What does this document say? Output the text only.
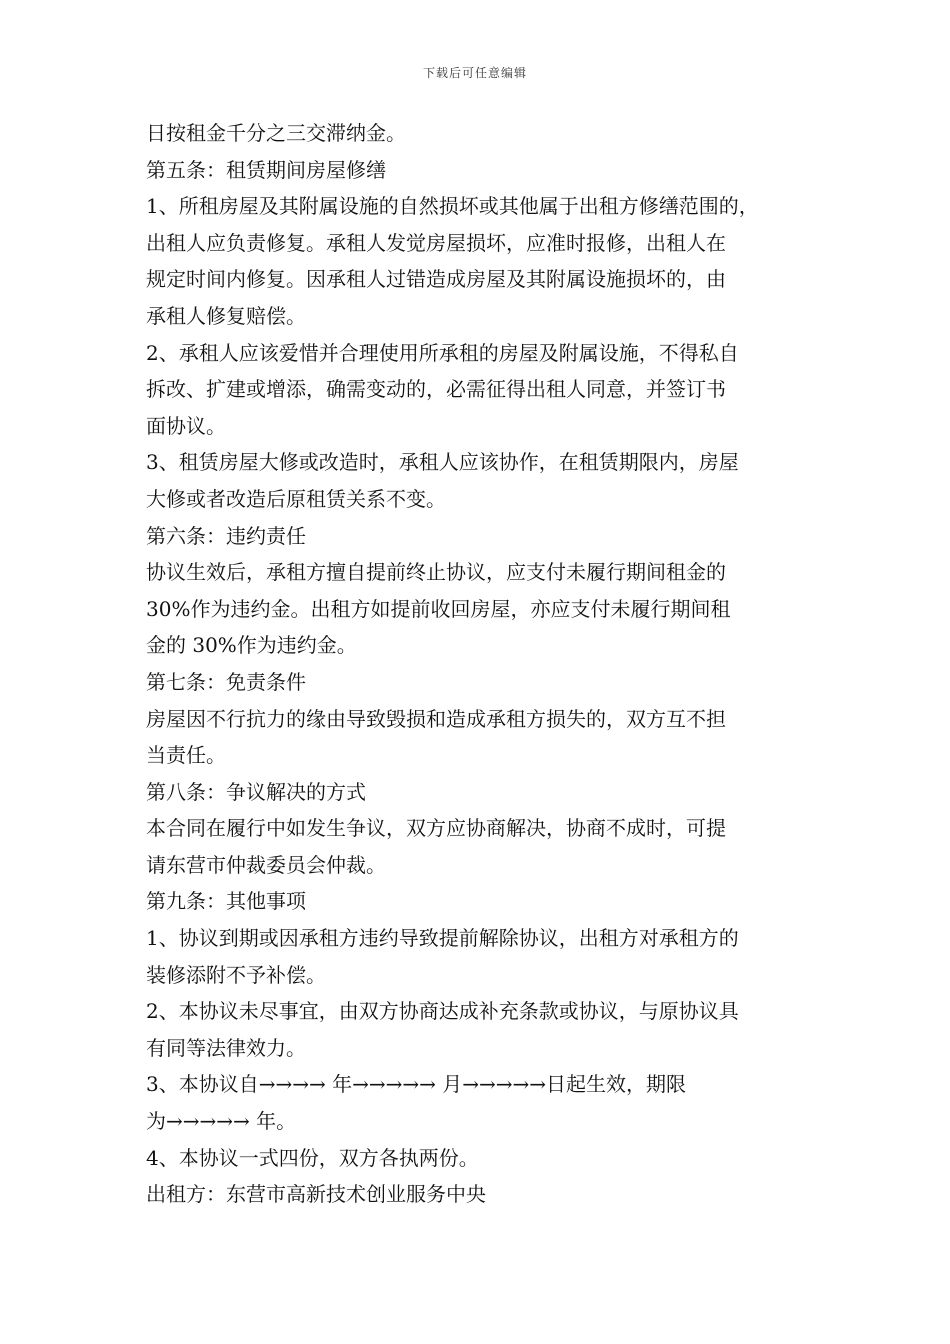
下载后可任意编辑
日按租金千分之三交滞纳金。
第五条：租赁期间房屋修缮
1、所租房屋及其附属设施的自然损坏或其他属于出租方修缮范围的，
出租人应负责修复。承租人发觉房屋损坏，应准时报修，出租人在
规定时间内修复。因承租人过错造成房屋及其附属设施损坏的，由
承租人修复赔偿。
2、承租人应该爱惜并合理使用所承租的房屋及附属设施，不得私自
拆改、扩建或增添，确需变动的，必需征得出租人同意，并签订书
面协议。
3、租赁房屋大修或改造时，承租人应该协作，在租赁期限内，房屋
大修或者改造后原租赁关系不变。
第六条：违约责任
协议生效后，承租方擅自提前终止协议，应支付未履行期间租金的
30%作为违约金。出租方如提前收回房屋，亦应支付未履行期间租
金的 30%作为违约金。
第七条：免责条件
房屋因不行抗力的缘由导致毁损和造成承租方损失的，双方互不担
当责任。
第八条：争议解决的方式
本合同在履行中如发生争议，双方应协商解决，协商不成时，可提
请东营市仲裁委员会仲裁。
第九条：其他事项
1、协议到期或因承租方违约导致提前解除协议，出租方对承租方的
装修添附不予补偿。
2、本协议未尽事宜，由双方协商达成补充条款或协议，与原协议具
有同等法律效力。
3、本协议自→→→→ 年→→→→→ 月→→→→→日起生效，期限
为→→→→→ 年。
4、本协议一式四份，双方各执两份。
出租方：东营市高新技术创业服务中央
